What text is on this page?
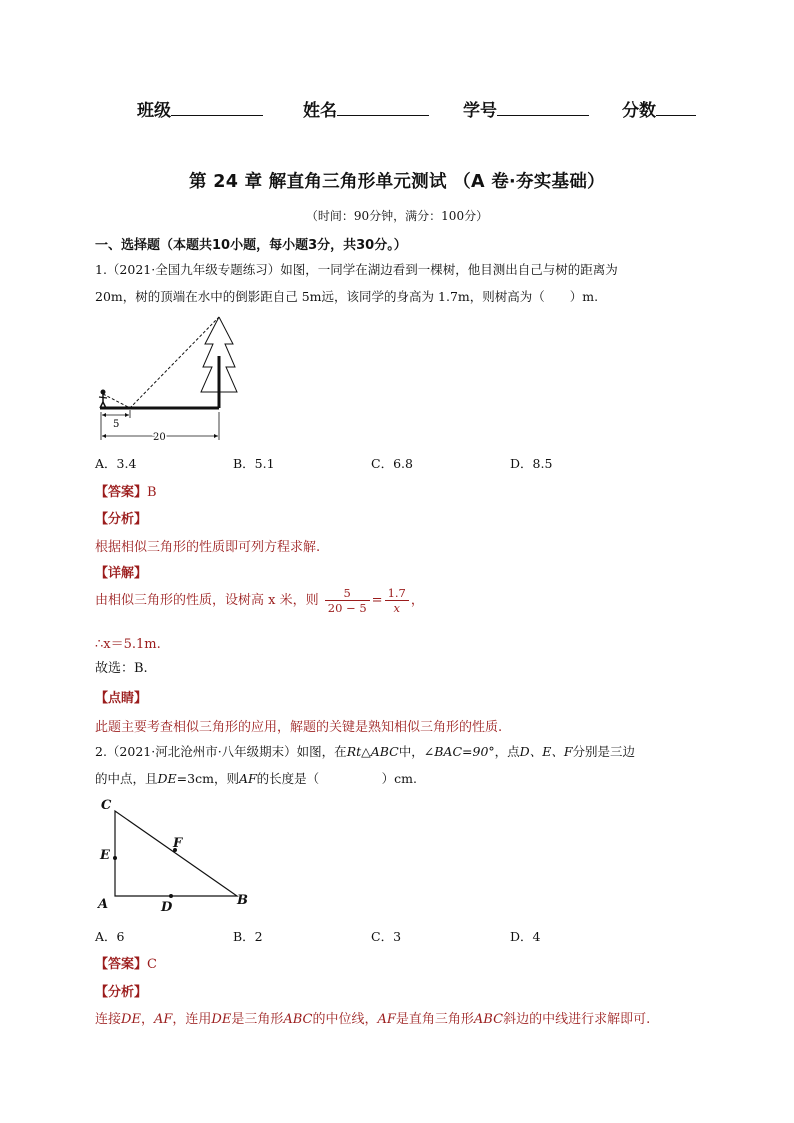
班级	姓名	学号	分数
第 24 章 解直角三角形单元测试 （A 卷·夯实基础）
（时间：90分钟，满分：100分）
一、选择题（本题共10小题，每小题3分，共30分。）
1.（2021·全国九年级专题练习）如图，一同学在湖边看到一棵树，他目测出自己与树的距离为
20m，树的顶端在水中的倒影距自己 5m远，该同学的身高为 1.7m，则树高为（　　）m.
5
20
A．3.4	B．5.1	C．6.8	D．8.5
【答案】B
【分析】
根据相似三角形的性质即可列方程求解.
【详解】
由相似三角形的性质，设树高 x 米，则 $\frac{5}{20 - 5} = \frac{1.7}{x}$ ，
∴x＝5.1m.
故选：B.
【点睛】
此题主要考查相似三角形的应用，解题的关键是熟知相似三角形的性质.
2.（2021·河北沧州市·八年级期末）如图，在Rt△ABC中，∠BAC=90°，点D、E、F分别是三边
的中点，且DE=3cm，则AF的长度是（　　　　　）cm.
C
E
F
A	D	B
A．6	B．2	C．3	D．4
【答案】C
【分析】
连接DE，AF，连用DE是三角形ABC的中位线，AF是直角三角形ABC斜边的中线进行求解即可.
